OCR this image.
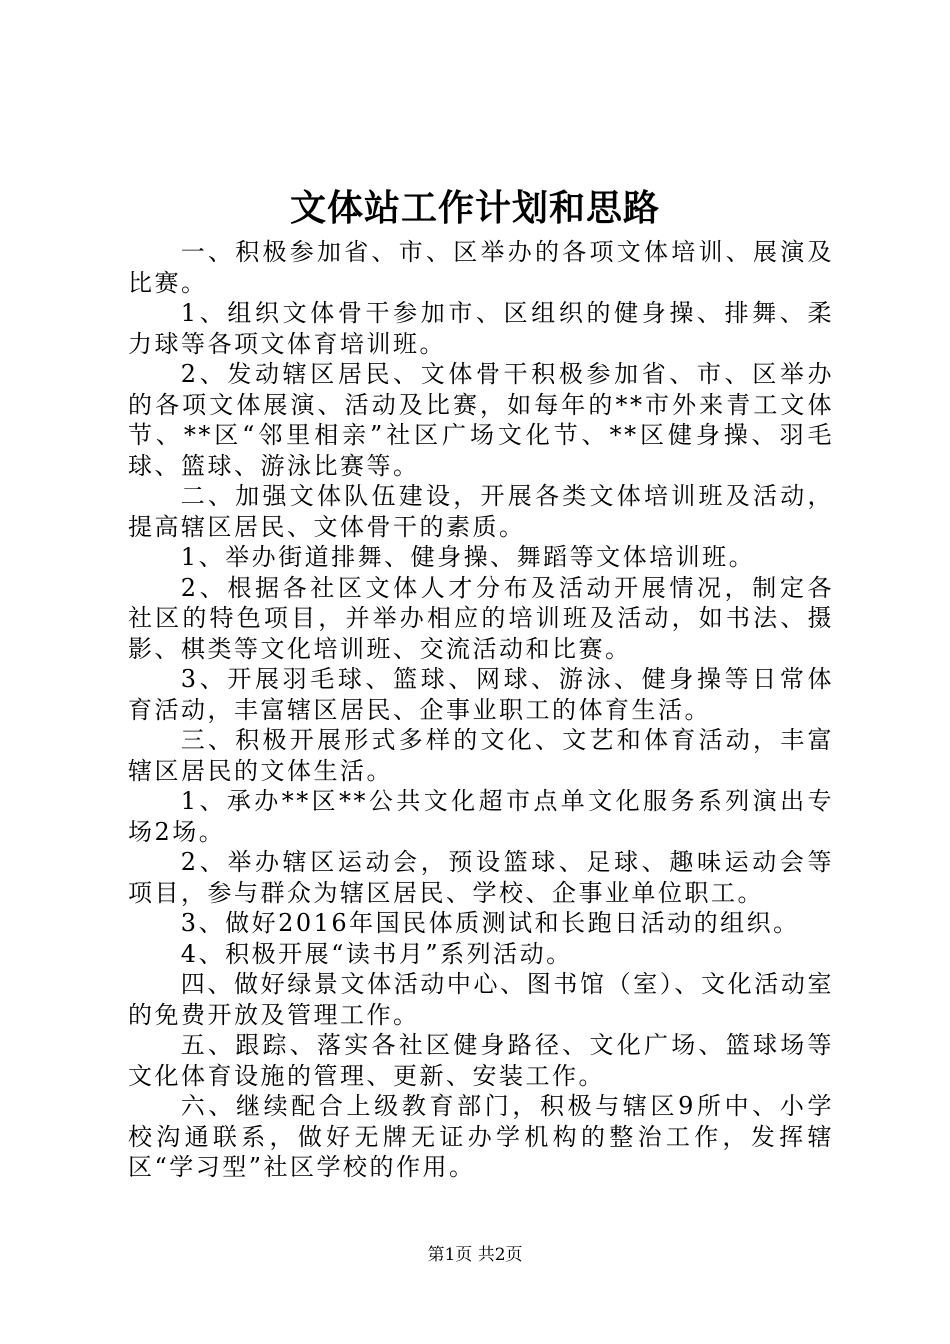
文体站工作计划和思路

一、积极参加省、市、区举办的各项文体培训、展演及比赛。

1、组织文体骨干参加市、区组织的健身操、排舞、柔力球等各项文体育培训班。

2、发动辖区居民、文体骨干积极参加省、市、区举办的各项文体展演、活动及比赛，如每年的**市外来青工文体节、**区“邻里相亲”社区广场文化节、**区健身操、羽毛球、篮球、游泳比赛等。

二、加强文体队伍建设，开展各类文体培训班及活动，提高辖区居民、文体骨干的素质。

1、举办街道排舞、健身操、舞蹈等文体培训班。

2、根据各社区文体人才分布及活动开展情况，制定各社区的特色项目，并举办相应的培训班及活动，如书法、摄影、棋类等文化培训班、交流活动和比赛。

3、开展羽毛球、篮球、网球、游泳、健身操等日常体育活动，丰富辖区居民、企事业职工的体育生活。

三、积极开展形式多样的文化、文艺和体育活动，丰富辖区居民的文体生活。

1、承办**区**公共文化超市点单文化服务系列演出专场2场。

2、举办辖区运动会，预设篮球、足球、趣味运动会等项目，参与群众为辖区居民、学校、企事业单位职工。

3、做好2016年国民体质测试和长跑日活动的组织。

4、积极开展“读书月”系列活动。

四、做好绿景文体活动中心、图书馆（室）、文化活动室的免费开放及管理工作。

五、跟踪、落实各社区健身路径、文化广场、篮球场等文化体育设施的管理、更新、安装工作。

六、继续配合上级教育部门，积极与辖区9所中、小学校沟通联系，做好无牌无证办学机构的整治工作，发挥辖区“学习型”社区学校的作用。

第1页 共2页
